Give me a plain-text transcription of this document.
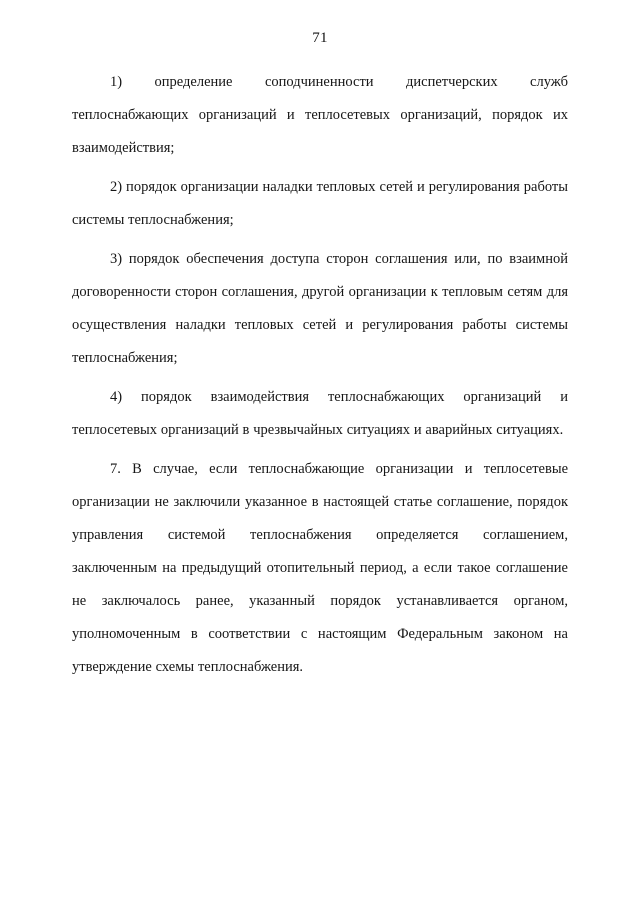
71

1) определение соподчиненности диспетчерских служб теплоснабжающих организаций и теплосетевых организаций, порядок их взаимодействия;

2) порядок организации наладки тепловых сетей и регулирования работы системы теплоснабжения;

3) порядок обеспечения доступа сторон соглашения или, по взаимной договоренности сторон соглашения, другой организации к тепловым сетям для осуществления наладки тепловых сетей и регулирования работы системы теплоснабжения;

4) порядок взаимодействия теплоснабжающих организаций и теплосетевых организаций в чрезвычайных ситуациях и аварийных ситуациях.

7. В случае, если теплоснабжающие организации и теплосетевые организации не заключили указанное в настоящей статье соглашение, порядок управления системой теплоснабжения определяется соглашением, заключенным на предыдущий отопительный период, а если такое соглашение не заключалось ранее, указанный порядок устанавливается органом, уполномоченным в соответствии с настоящим Федеральным законом на утверждение схемы теплоснабжения.
